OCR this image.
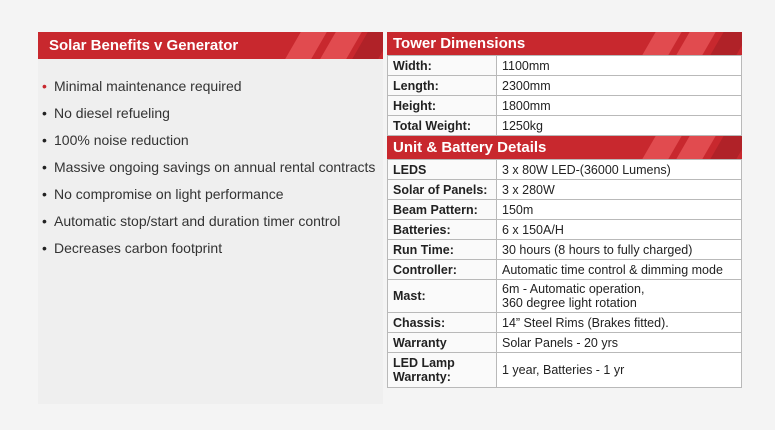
Solar Benefits v Generator
• Minimal maintenance required
• No diesel refueling
• 100% noise reduction
• Massive ongoing savings on annual rental contracts
• No compromise on light performance
• Automatic stop/start and duration timer control
• Decreases carbon footprint
Tower Dimensions
Width:	1100mm
Length:	2300mm
Height:	1800mm
Total Weight:	1250kg
Unit & Battery Details
LEDS	3 x 80W LED-(36000 Lumens)
Solar of Panels:	3 x 280W
Beam Pattern:	150m
Batteries:	6 x 150A/H
Run Time:	30 hours (8 hours to fully charged)
Controller:	Automatic time control & dimming mode
Mast:	6m - Automatic operation,
360 degree light rotation
Chassis:	14” Steel Rims (Brakes fitted).
Warranty	Solar Panels - 20 yrs
LED Lamp
Warranty:	1 year, Batteries - 1 yr
